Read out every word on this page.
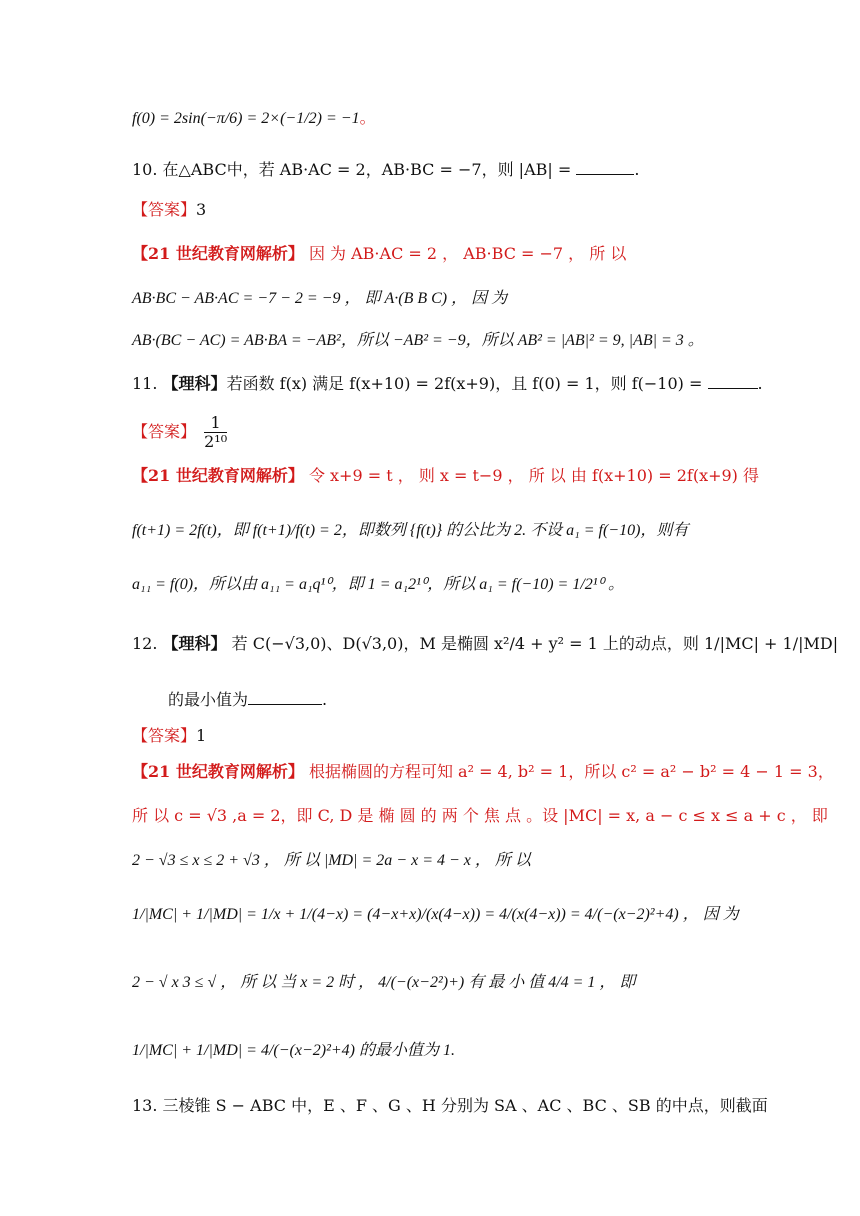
f(0) = 2sin(−π/6) = 2×(−1/2) = −1。
10. 在△ABC中，若 AB·AC = 2，AB·BC = −7，则 |AB| =	.
【答案】3
【21 世纪教育网解析】 因 为 AB·AC = 2 ， AB·BC = −7 ， 所 以
AB·BC − AB·AC = −7 − 2 = −9 ， 即 A·(B B C) ， 因 为
AB·(BC − AC) = AB·BA = −AB²，所以 −AB² = −9，所以 AB² = |AB|² = 9, |AB| = 3 。
11. 【理科】若函数 f(x) 满足 f(x+10) = 2f(x+9)，且 f(0) = 1，则 f(−10) =	.
【答案】 $\frac{1}{\text{2¹⁰}}$
【21 世纪教育网解析】 令 x+9 = t ， 则 x = t−9 ， 所 以 由 f(x+10) = 2f(x+9) 得
f(t+1) = 2f(t)，即 f(t+1)/f(t) = 2，即数列 {f(t)} 的公比为 2. 不设 a₁ = f(−10)，则有
a₁₁ = f(0)，所以由 a₁₁ = a₁q¹⁰，即 1 = a₁2¹⁰，所以 a₁ = f(−10) = 1/2¹⁰ 。
12. 【理科】 若 C(−√3,0)、D(√3,0)，M 是椭圆 x²/4 + y² = 1 上的动点，则 1/|MC| + 1/|MD|
的最小值为	.
【答案】1
【21 世纪教育网解析】 根据椭圆的方程可知 a² = 4, b² = 1，所以 c² = a² − b² = 4 − 1 = 3，
所 以 c = √3 ,a = 2，即 C, D 是 椭 圆 的 两 个 焦 点 。设 |MC| = x, a − c ≤ x ≤ a + c ， 即
2 − √3 ≤ x ≤ 2 + √3 ， 所 以 |MD| = 2a − x = 4 − x ， 所 以
1/|MC| + 1/|MD| = 1/x + 1/(4−x) = (4−x+x)/(x(4−x)) = 4/(x(4−x)) = 4/(−(x−2)²+4) ， 因 为
2 − √ x 3 ≤ √ ， 所 以 当 x = 2 时 ， 4/(−(x−2²)+) 有 最 小 值 4/4 = 1 ， 即
1/|MC| + 1/|MD| = 4/(−(x−2)²+4) 的最小值为 1.
13. 三棱锥 S − ABC 中，E 、F 、G 、H 分别为 SA 、AC 、BC 、SB 的中点，则截面
